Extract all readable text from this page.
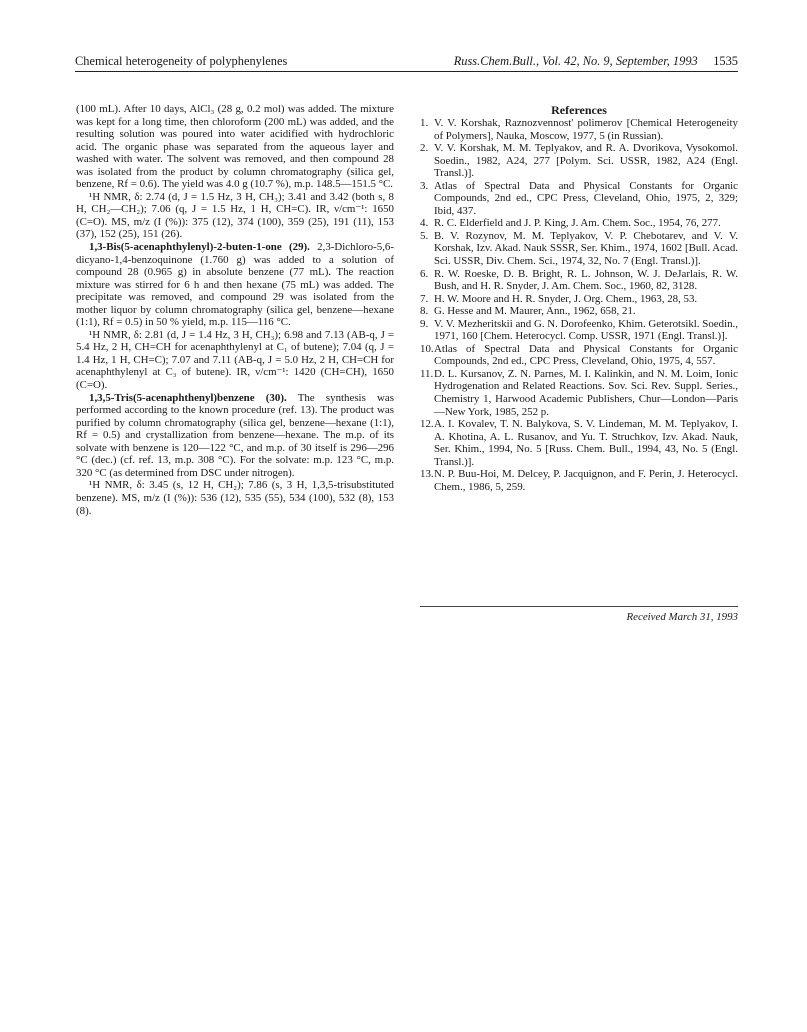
Chemical heterogeneity of polyphenylenes	Russ.Chem.Bull., Vol. 42, No. 9, September, 1993 1535

(100 mL). After 10 days, AlCl₃ (28 g, 0.2 mol) was added. The mixture was kept for a long time, then chloroform (200 mL) was added, and the resulting solution was poured into water acidified with hydrochloric acid. The organic phase was separated from the aqueous layer and washed with water. The solvent was removed, and then compound 28 was isolated from the product by column chromatography (silica gel, benzene, Rf = 0.6). The yield was 4.0 g (10.7 %), m.p. 148.5—151.5 °C.

¹H NMR, δ: 2.74 (d, J = 1.5 Hz, 3 H, CH₃); 3.41 and 3.42 (both s, 8 H, CH₂—CH₂); 7.06 (q, J = 1.5 Hz, 1 H, CH=C). IR, ν/cm⁻¹: 1650 (C=O). MS, m/z (I (%)): 375 (12), 374 (100), 359 (25), 191 (11), 153 (37), 152 (25), 151 (26).

1,3-Bis(5-acenaphthylenyl)-2-buten-1-one (29). 2,3-Dichloro-5,6-dicyano-1,4-benzoquinone (1.760 g) was added to a solution of compound 28 (0.965 g) in absolute benzene (77 mL). The reaction mixture was stirred for 6 h and then hexane (75 mL) was added. The precipitate was removed, and compound 29 was isolated from the mother liquor by column chromatography (silica gel, benzene—hexane (1:1), Rf = 0.5) in 50 % yield, m.p. 115—116 °C.

¹H NMR, δ: 2.81 (d, J = 1.4 Hz, 3 H, CH₃); 6.98 and 7.13 (AB-q, J = 5.4 Hz, 2 H, CH=CH for acenaphthylenyl at C₁ of butene); 7.04 (q, J = 1.4 Hz, 1 H, CH=C); 7.07 and 7.11 (AB-q, J = 5.0 Hz, 2 H, CH=CH for acenaphthylenyl at C₃ of butene). IR, ν/cm⁻¹: 1420 (CH=CH), 1650 (C=O).

1,3,5-Tris(5-acenaphthenyl)benzene (30). The synthesis was performed according to the known procedure (ref. 13). The product was purified by column chromatography (silica gel, benzene—hexane (1:1), Rf = 0.5) and crystallization from benzene—hexane. The m.p. of its solvate with benzene is 120—122 °C, and m.p. of 30 itself is 296—296 °C (dec.) (cf. ref. 13, m.p. 308 °C). For the solvate: m.p. 123 °C, m.p. 320 °C (as determined from DSC under nitrogen).

¹H NMR, δ: 3.45 (s, 12 H, CH₂); 7.86 (s, 3 H, 1,3,5-trisubstituted benzene). MS, m/z (I (%)): 536 (12), 535 (55), 534 (100), 532 (8), 153 (8).

References

1. V. V. Korshak, Raznozvennost' polimerov [Chemical Heterogeneity of Polymers], Nauka, Moscow, 1977, 5 (in Russian).

2. V. V. Korshak, M. M. Teplyakov, and R. A. Dvorikova, Vysokomol. Soedin., 1982, A24, 277 [Polym. Sci. USSR, 1982, A24 (Engl. Transl.)].

3. Atlas of Spectral Data and Physical Constants for Organic Compounds, 2nd ed., CPC Press, Cleveland, Ohio, 1975, 2, 329; Ibid, 437.

4. R. C. Elderfield and J. P. King, J. Am. Chem. Soc., 1954, 76, 277.

5. B. V. Rozynov, M. M. Teplyakov, V. P. Chebotarev, and V. V. Korshak, Izv. Akad. Nauk SSSR, Ser. Khim., 1974, 1602 [Bull. Acad. Sci. USSR, Div. Chem. Sci., 1974, 32, No. 7 (Engl. Transl.)].

6. R. W. Roeske, D. B. Bright, R. L. Johnson, W. J. DeJarlais, R. W. Bush, and H. R. Snyder, J. Am. Chem. Soc., 1960, 82, 3128.

7. H. W. Moore and H. R. Snyder, J. Org. Chem., 1963, 28, 53.

8. G. Hesse and M. Maurer, Ann., 1962, 658, 21.

9. V. V. Mezheritskii and G. N. Dorofeenko, Khim. Geterotsikl. Soedin., 1971, 160 [Chem. Heterocycl. Comp. USSR, 1971 (Engl. Transl.)].

10. Atlas of Spectral Data and Physical Constants for Organic Compounds, 2nd ed., CPC Press, Cleveland, Ohio, 1975, 4, 557.

11. D. L. Kursanov, Z. N. Parnes, M. I. Kalinkin, and N. M. Loim, Ionic Hydrogenation and Related Reactions. Sov. Sci. Rev. Suppl. Series., Chemistry 1, Harwood Academic Publishers, Chur—London—Paris—New York, 1985, 252 p.

12. A. I. Kovalev, T. N. Balykova, S. V. Lindeman, M. M. Teplyakov, I. A. Khotina, A. L. Rusanov, and Yu. T. Struchkov, Izv. Akad. Nauk, Ser. Khim., 1994, No. 5 [Russ. Chem. Bull., 1994, 43, No. 5 (Engl. Transl.)].

13. N. P. Buu-Hoi, M. Delcey, P. Jacquignon, and F. Perin, J. Heterocycl. Chem., 1986, 5, 259.

Received March 31, 1993
